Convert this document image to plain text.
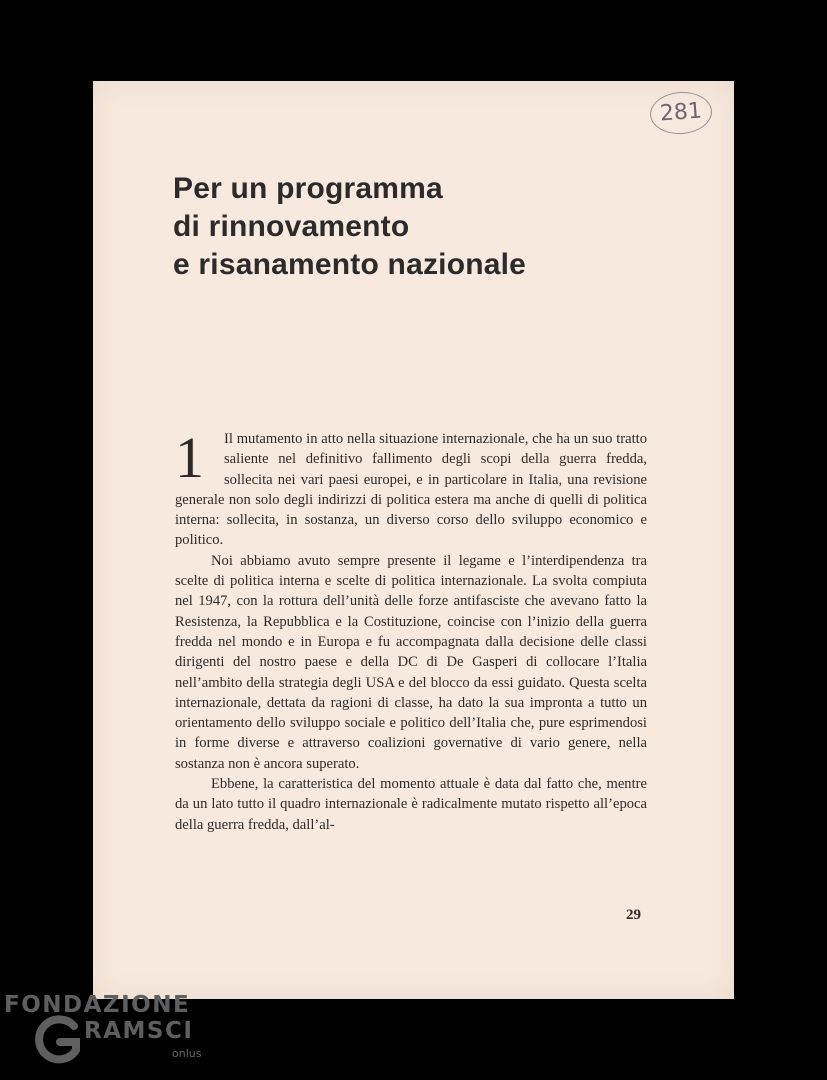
281
Per un programma
di rinnovamento
e risanamento nazionale

1 Il mutamento in atto nella situazione internazionale, che ha un suo tratto saliente nel definitivo fallimento degli scopi della guerra fredda, sollecita nei vari paesi europei, e in particolare in Italia, una revisione generale non solo degli indirizzi di politica estera ma anche di quelli di politica interna: sollecita, in sostanza, un diverso corso dello sviluppo economico e politico.

Noi abbiamo avuto sempre presente il legame e l’interdipendenza tra scelte di politica interna e scelte di politica internazionale. La svolta compiuta nel 1947, con la rottura dell’unità delle forze antifasciste che avevano fatto la Resistenza, la Repubblica e la Costituzione, coincise con l’inizio della guerra fredda nel mondo e in Europa e fu accompagnata dalla decisione delle classi dirigenti del nostro paese e della DC di De Gasperi di collocare l’Italia nell’ambito della strategia degli USA e del blocco da essi guidato. Questa scelta internazionale, dettata da ragioni di classe, ha dato la sua impronta a tutto un orientamento dello sviluppo sociale e politico dell’Italia che, pure esprimendosi in forme diverse e attraverso coalizioni governative di vario genere, nella sostanza non è ancora superato.

Ebbene, la caratteristica del momento attuale è data dal fatto che, mentre da un lato tutto il quadro internazionale è radicalmente mutato rispetto all’epoca della guerra fredda, dall’al-

29
FONDAZIONE
RAMSCI
onlus
